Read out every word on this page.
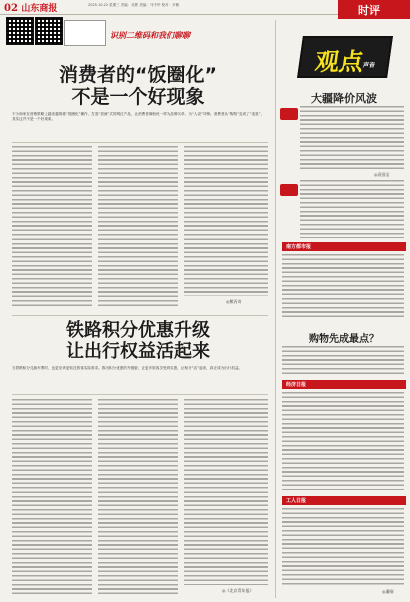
02 山东商报	2025.10.22 星期三 责编：吴彬 美编：马中华 校对：尹楠	时评
识别二维码和我们聊聊
消费者的“饭圈化”
不是一个好现象
不少商家在营销策略上越来越倚重“饭圈化”操作，打造“顶流”式的网红产品，让消费者像粉丝一样为品牌买单、为“人设”冲锋。消费者从“购物”变成了“追星”，其实这并不是一个好现象。
◎熊丙奇
铁路积分优惠升级
让出行权益活起来
当铁路积分兑换车票时，也更应该更贴近旅客实际需求。推出积分优惠的升级版，让更多旅客享受到实惠，让积分“活”起来，真正成为出行权益。
◎《北京青年报》
观点
声音
大疆降价风波
◎袁国宝
南方都市报
购物先成最点？
经济日报
工人日报
◎潘刚
